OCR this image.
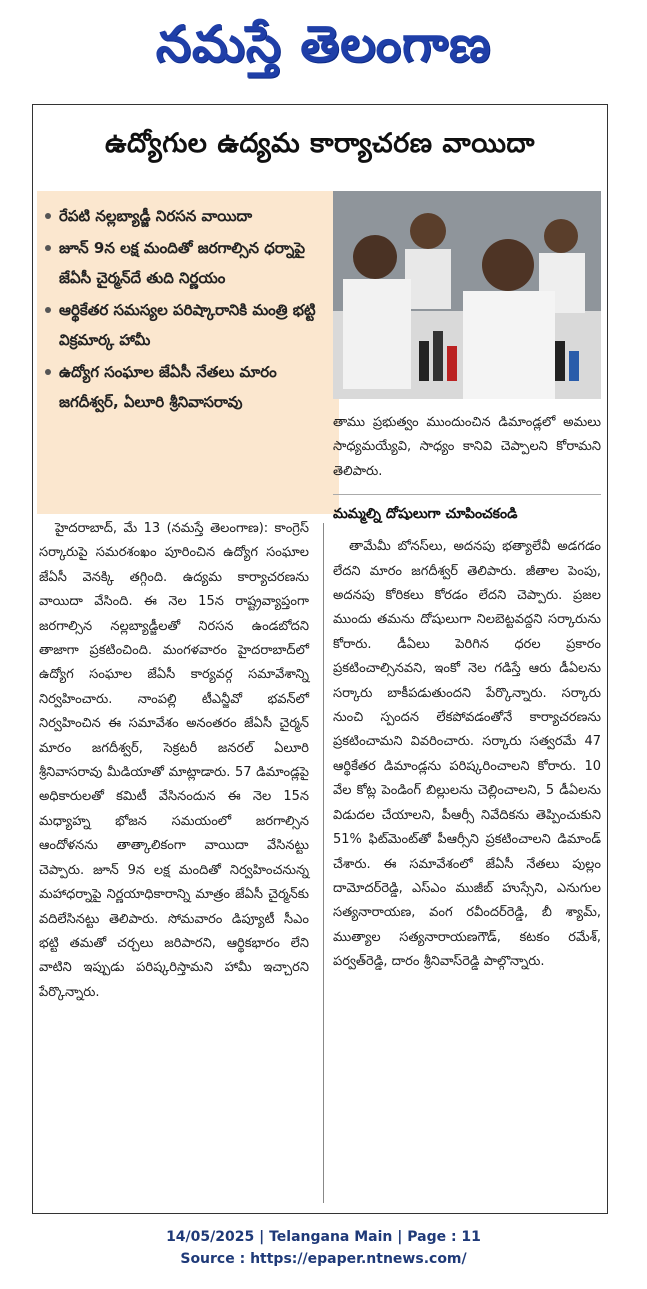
నమస్తే తెలంగాణ
ఉద్యోగుల ఉద్యమ కార్యాచరణ వాయిదా
రేపటి నల్లబ్యాడ్జీ నిరసన వాయిదా
జూన్ 9న లక్ష మందితో జరగాల్సిన ధర్నాపై జేఏసీ చైర్మన్‌దే తుది నిర్ణయం
ఆర్థికేతర సమస్యల పరిష్కారానికి మంత్రి భట్టి విక్రమార్క హామీ
ఉద్యోగ సంఘాల జేఏసీ నేతలు మారం జగదీశ్వర్, ఏలూరి శ్రీనివాసరావు

హైదరాబాద్, మే 13 (నమస్తే తెలంగాణ): కాంగ్రెస్ సర్కారుపై సమరశంఖం పూరించిన ఉద్యోగ సంఘాల జేఏసీ వెనక్కి తగ్గింది. ఉద్యమ కార్యాచరణను వాయిదా వేసింది. ఈ నెల 15న రాష్ట్రవ్యాప్తంగా జరగాల్సిన నల్లబ్యాడ్జీలతో నిరసన ఉండబోదని తాజాగా ప్రకటించింది. మంగళవారం హైదరాబాద్‌లో ఉద్యోగ సంఘాల జేఏసీ కార్యవర్గ సమావేశాన్ని నిర్వహించారు. నాంపల్లి టీఎన్జీవో భవన్‌లో నిర్వహించిన ఈ సమావేశం అనంతరం జేఏసీ చైర్మన్ మారం జగదీశ్వర్, సెక్రటరీ జనరల్ ఏలూరి శ్రీనివాసరావు మీడియాతో మాట్లాడారు. 57 డిమాండ్లపై అధికారులతో కమిటీ వేసినందున ఈ నెల 15న మధ్యాహ్న భోజన సమయంలో జరగాల్సిన ఆందోళనను తాత్కాలికంగా వాయిదా వేసినట్టు చెప్పారు. జూన్ 9న లక్ష మందితో నిర్వహించనున్న మహాధర్నాపై నిర్ణయాధికారాన్ని మాత్రం జేఏసీ చైర్మన్‌కు వదిలేసినట్టు తెలిపారు. సోమవారం డిప్యూటీ సీఎం భట్టి తమతో చర్చలు జరిపారని, ఆర్థికభారం లేని వాటిని ఇప్పుడు పరిష్కరిస్తామని హామీ ఇచ్చారని పేర్కొన్నారు.

తాము ప్రభుత్వం ముందుంచిన డిమాండ్లలో అమలు సాధ్యమయ్యేవి, సాధ్యం కానివి చెప్పాలని కోరామని తెలిపారు.

మమ్మల్ని దోషులుగా చూపించకండి

తామేమీ బోనస్‌లు, అదనపు భత్యాలేవీ అడగడం లేదని మారం జగదీశ్వర్ తెలిపారు. జీతాల పెంపు, అదనపు కోరికలు కోరడం లేదని చెప్పారు. ప్రజల ముందు తమను దోషులుగా నిలబెట్టవద్దని సర్కారును కోరారు. డీఏలు పెరిగిన ధరల ప్రకారం ప్రకటించాల్సినవని, ఇంకో నెల గడిస్తే ఆరు డీఏలను సర్కారు బాకీపడుతుందని పేర్కొన్నారు. సర్కారు నుంచి స్పందన లేకపోవడంతోనే కార్యాచరణను ప్రకటించామని వివరించారు. సర్కారు సత్వరమే 47 ఆర్థికేతర డిమాండ్లను పరిష్కరించాలని కోరారు. 10 వేల కోట్ల పెండింగ్ బిల్లులను చెల్లించాలని, 5 డీఏలను విడుదల చేయాలని, పీఆర్సీ నివేదికను తెప్పించుకుని 51% ఫిట్‌మెంట్‌తో పీఆర్సీని ప్రకటించాలని డిమాండ్ చేశారు. ఈ సమావేశంలో జేఏసీ నేతలు పుల్లం దామోదర్‌రెడ్డి, ఎస్ఎం ముజీబ్ హుస్సేని, ఎనుగుల సత్యనారాయణ, వంగ రవీందర్‌రెడ్డి, బీ శ్యామ్, ముత్యాల సత్యనారాయణగౌడ్, కటకం రమేశ్, పర్వత్‌రెడ్డి, దారం శ్రీనివాస్‌రెడ్డి పాల్గొన్నారు.

14/05/2025 | Telangana Main | Page : 11
Source : https://epaper.ntnews.com/
